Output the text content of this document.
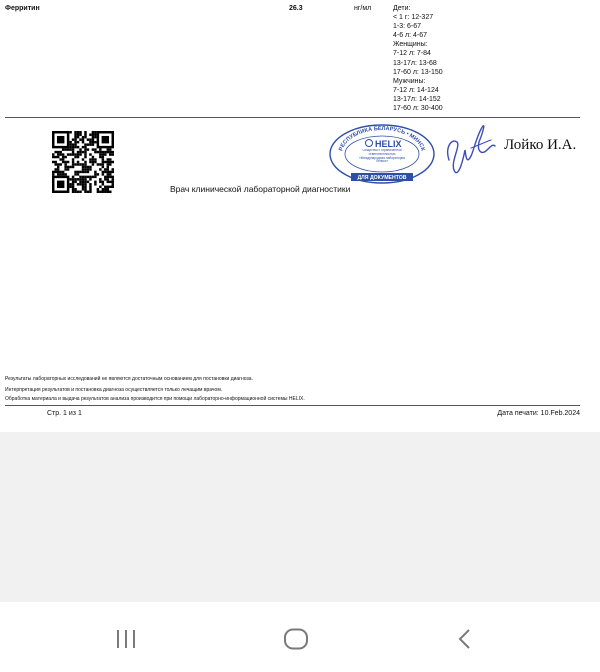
Ферритин	26.3	нг/мл	Дети:
< 1 г: 12-327
1-3: 6-67
4-6 л: 4-67
Женщины:
7-12 л: 7-84
13-17л: 13-68
17-60 л: 13-150
Мужчины:
7-12 л: 14-124
13-17л: 14-152
17-60 л: 30-400
РЕСПУБЛИКА БЕЛАРУСЬ • МИНСК
ДЛЯ ДОКУМЕНТОВ
HELIX
Общество с ограниченной ответственностью «Международная лаборатория Хеликс»
Лойко И.А.
Врач клинической лабораторной диагностики
Результаты лабораторных исследований не являются достаточным основанием для постановки диагноза.
Интерпретация результатов и постановка диагноза осуществляется только лечащим врачом.
Обработка материала и выдача результатов анализа производится при помощи лабораторно-информационной системы HELIX.
Стр. 1 из 1	Дата печати: 10.Feb.2024
